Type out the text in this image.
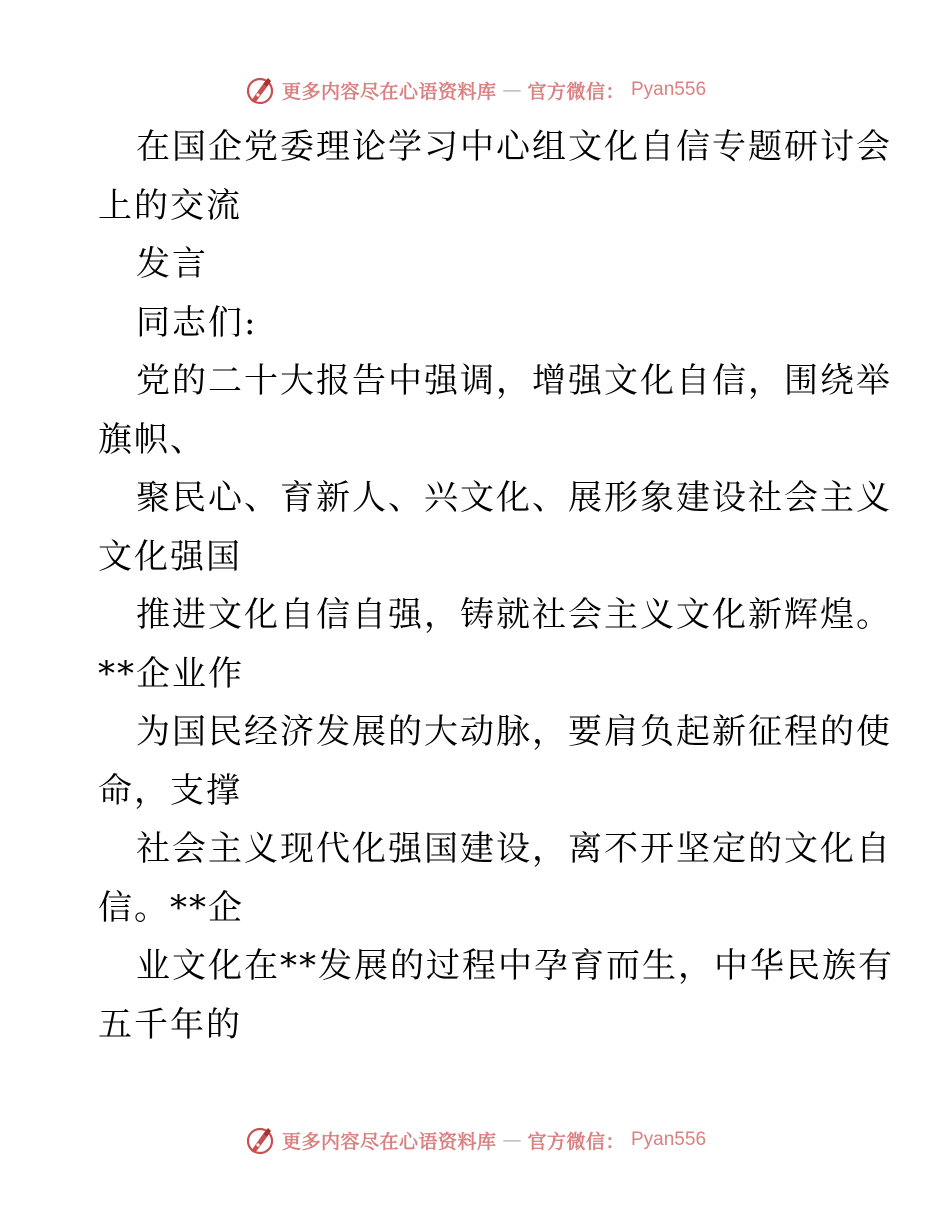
更多内容尽在心语资料库 — 官方微信： Pyan556
在国企党委理论学习中心组文化自信专题研讨会
上的交流
发言
同志们:
党的二十大报告中强调，增强文化自信，围绕举
旗帜、
聚民心、育新人、兴文化、展形象建设社会主义
文化强国
推进文化自信自强，铸就社会主义文化新辉煌。
**企业作
为国民经济发展的大动脉，要肩负起新征程的使
命，支撑
社会主义现代化强国建设，离不开坚定的文化自
信。**企
业文化在**发展的过程中孕育而生，中华民族有
五千年的
更多内容尽在心语资料库 — 官方微信： Pyan556
